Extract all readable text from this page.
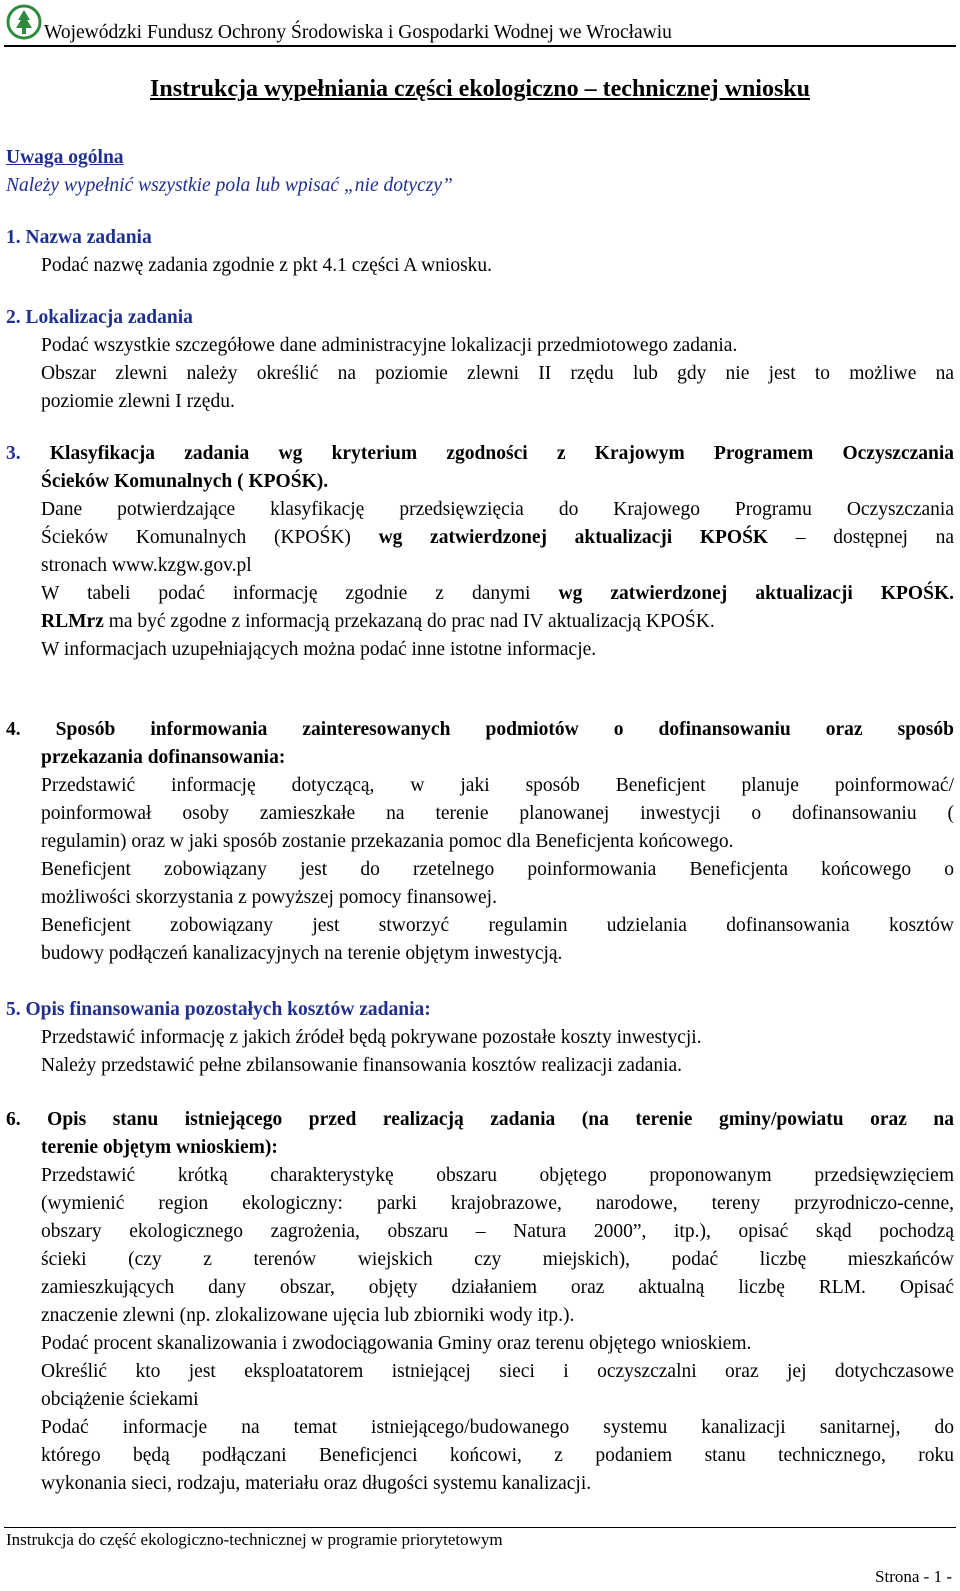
Wojewódzki Fundusz Ochrony Środowiska i Gospodarki Wodnej we Wrocławiu
Instrukcja wypełniania części ekologiczno – technicznej wniosku
Uwaga ogólna
Należy wypełnić wszystkie pola lub wpisać „nie dotyczy”
1. Nazwa zadania
Podać nazwę zadania zgodnie z pkt 4.1 części A wniosku.
2. Lokalizacja zadania
Podać wszystkie szczegółowe dane administracyjne lokalizacji przedmiotowego zadania.
Obszar zlewni należy określić na poziomie zlewni II rzędu lub gdy nie jest to możliwe na
poziomie zlewni I rzędu.
3. Klasyfikacja zadania wg kryterium zgodności z Krajowym Programem Oczyszczania
Ścieków Komunalnych ( KPOŚK).
Dane potwierdzające klasyfikację przedsięwzięcia do Krajowego Programu Oczyszczania
Ścieków Komunalnych (KPOŚK) wg zatwierdzonej aktualizacji KPOŚK – dostępnej na
stronach www.kzgw.gov.pl
W tabeli podać informację zgodnie z danymi wg zatwierdzonej aktualizacji KPOŚK.
RLMrz ma być zgodne z informacją przekazaną do prac nad IV aktualizacją KPOŚK.
W informacjach uzupełniających można podać inne istotne informacje.
4. Sposób informowania zainteresowanych podmiotów o dofinansowaniu oraz sposób
przekazania dofinansowania:
Przedstawić informację dotyczącą, w jaki sposób Beneficjent planuje poinformować/
poinformował osoby zamieszkałe na terenie planowanej inwestycji o dofinansowaniu (
regulamin) oraz w jaki sposób zostanie przekazania pomoc dla Beneficjenta końcowego.
Beneficjent zobowiązany jest do rzetelnego poinformowania Beneficjenta końcowego o
możliwości skorzystania z powyższej pomocy finansowej.
Beneficjent zobowiązany jest stworzyć regulamin udzielania dofinansowania kosztów
budowy podłączeń kanalizacyjnych na terenie objętym inwestycją.
5. Opis finansowania pozostałych kosztów zadania:
Przedstawić informację z jakich źródeł będą pokrywane pozostałe koszty inwestycji.
Należy przedstawić pełne zbilansowanie finansowania kosztów realizacji zadania.
6. Opis stanu istniejącego przed realizacją zadania (na terenie gminy/powiatu oraz na
terenie objętym wnioskiem):
Przedstawić krótką charakterystykę obszaru objętego proponowanym przedsięwzięciem
(wymienić region ekologiczny: parki krajobrazowe, narodowe, tereny przyrodniczo-cenne,
obszary ekologicznego zagrożenia, obszaru – Natura 2000”, itp.), opisać skąd pochodzą
ścieki (czy z terenów wiejskich czy miejskich), podać liczbę mieszkańców
zamieszkujących dany obszar, objęty działaniem oraz aktualną liczbę RLM. Opisać
znaczenie zlewni (np. zlokalizowane ujęcia lub zbiorniki wody itp.).
Podać procent skanalizowania i zwodociągowania Gminy oraz terenu objętego wnioskiem.
Określić kto jest eksploatatorem istniejącej sieci i oczyszczalni oraz jej dotychczasowe
obciążenie ściekami
Podać informacje na temat istniejącego/budowanego systemu kanalizacji sanitarnej, do
którego będą podłączani Beneficjenci końcowi, z podaniem stanu technicznego, roku
wykonania sieci, rodzaju, materiału oraz długości systemu kanalizacji.
Instrukcja do część ekologiczno-technicznej w programie priorytetowym
Strona - 1 -
